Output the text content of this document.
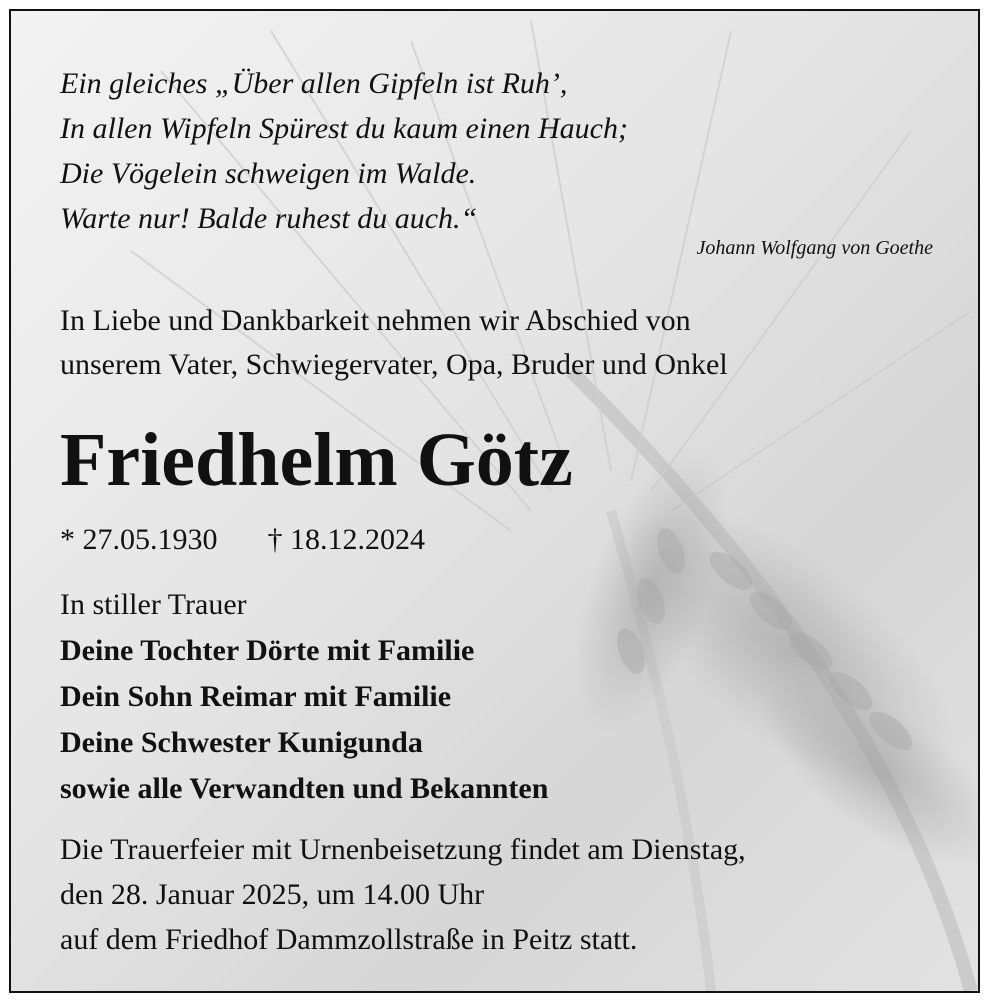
Ein gleiches „Über allen Gipfeln ist Ruh’,
In allen Wipfeln Spürest du kaum einen Hauch;
Die Vögelein schweigen im Walde.
Warte nur! Balde ruhest du auch.“
Johann Wolfgang von Goethe
In Liebe und Dankbarkeit nehmen wir Abschied von
unserem Vater, Schwiegervater, Opa, Bruder und Onkel
Friedhelm Götz
* 27.05.1930 † 18.12.2024
In stiller Trauer
Deine Tochter Dörte mit Familie
Dein Sohn Reimar mit Familie
Deine Schwester Kunigunda
sowie alle Verwandten und Bekannten
Die Trauerfeier mit Urnenbeisetzung findet am Dienstag,
den 28. Januar 2025, um 14.00 Uhr
auf dem Friedhof Dammzollstraße in Peitz statt.
